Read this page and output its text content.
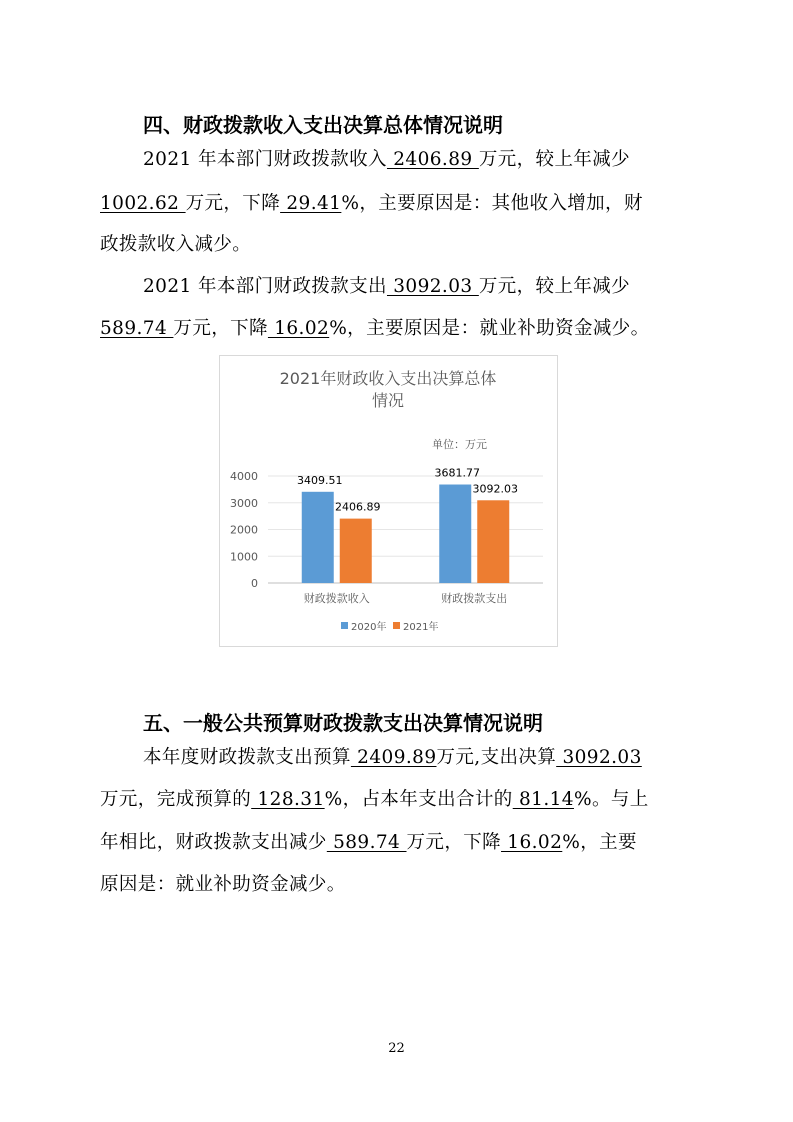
四、财政拨款收入支出决算总体情况说明
2021 年本部门财政拨款收入 2406.89 万元，较上年减少
1002.62 万元，下降 29.41%，主要原因是：其他收入增加，财
政拨款收入减少。
2021 年本部门财政拨款支出 3092.03 万元，较上年减少
589.74 万元，下降 16.02%，主要原因是：就业补助资金减少。
2021年财政收入支出决算总体
情况
单位：万元
0
1000
2000
3000
4000	3409.51
2406.89
3681.77
3092.03
财政拨款收入	财政拨款支出
2020年 2021年
五、一般公共预算财政拨款支出决算情况说明
本年度财政拨款支出预算 2409.89万元,支出决算 3092.03
万元，完成预算的 128.31%，占本年支出合计的 81.14%。与上
年相比，财政拨款支出减少 589.74 万元，下降 16.02%，主要
原因是：就业补助资金减少。
22
